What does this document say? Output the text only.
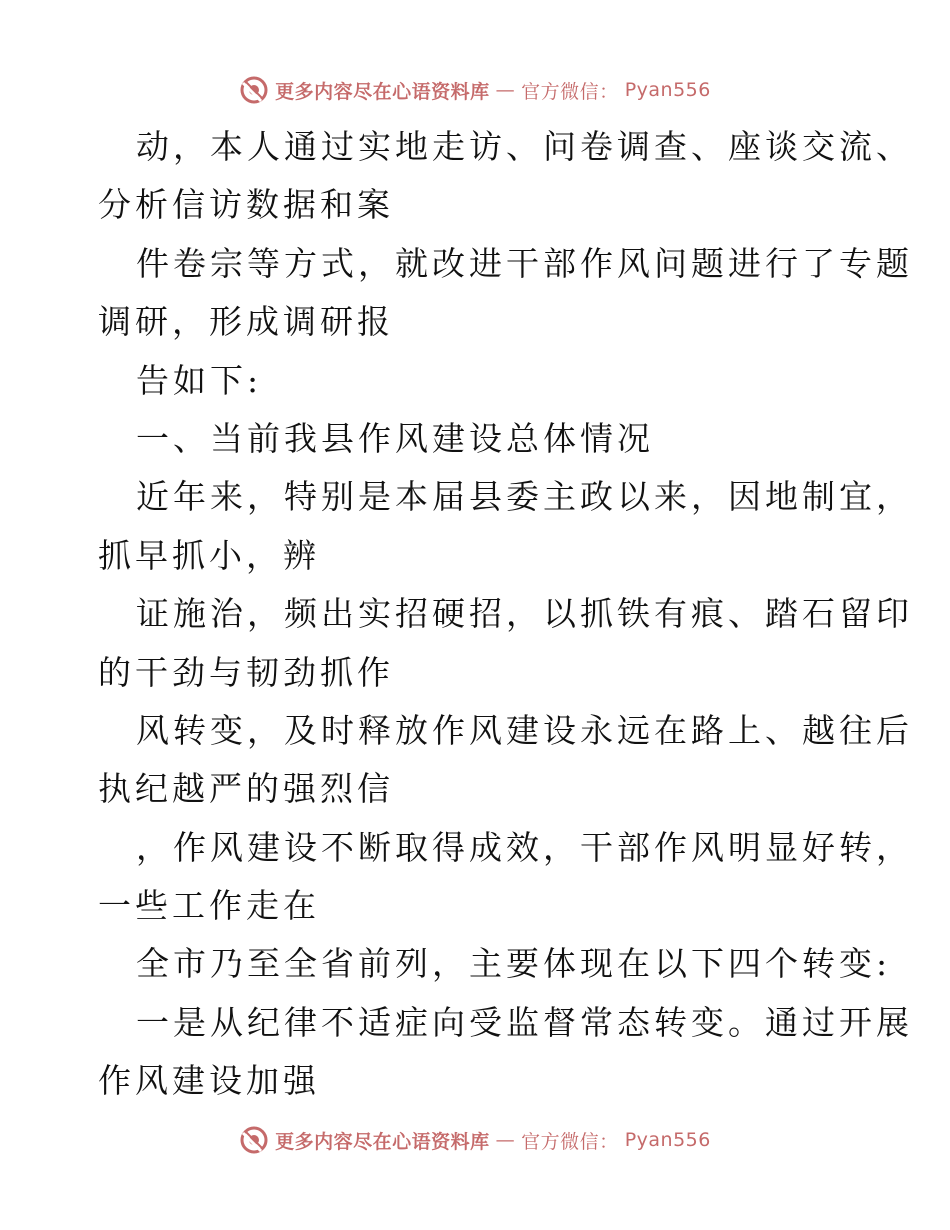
更多内容尽在心语资料库 — 官方微信： Pyan556
动，本人通过实地走访、问卷调查、座谈交流、
分析信访数据和案
件卷宗等方式，就改进干部作风问题进行了专题
调研，形成调研报
告如下:
一、当前我县作风建设总体情况
近年来，特别是本届县委主政以来，因地制宜，
抓早抓小，辨
证施治，频出实招硬招，以抓铁有痕、踏石留印
的干劲与韧劲抓作
风转变，及时释放作风建设永远在路上、越往后
执纪越严的强烈信
，作风建设不断取得成效，干部作风明显好转，
一些工作走在
全市乃至全省前列，主要体现在以下四个转变:
一是从纪律不适症向受监督常态转变。通过开展
作风建设加强
更多内容尽在心语资料库 — 官方微信： Pyan556
